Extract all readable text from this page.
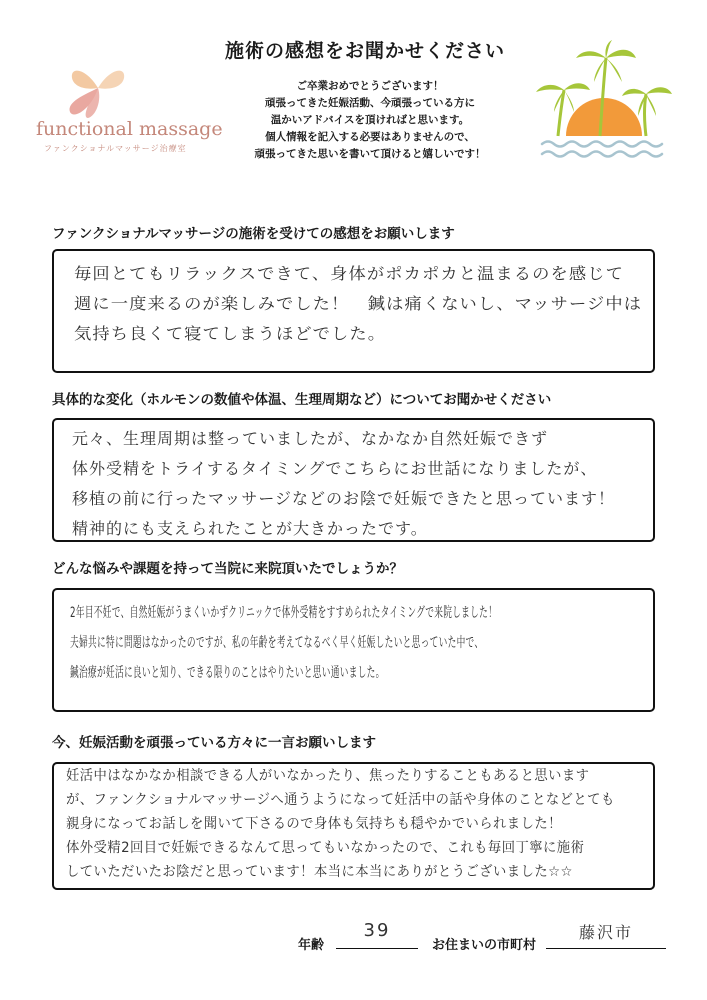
施術の感想をお聞かせください
ご卒業おめでとうございます！
頑張ってきた妊娠活動、今頑張っている方に
温かいアドバイスを頂ければと思います。
個人情報を記入する必要はありませんので、
頑張ってきた思いを書いて頂けると嬉しいです！
functional massage
ファンクショナルマッサージ治療室
ファンクショナルマッサージの施術を受けての感想をお願いします
毎回とてもリラックスできて、身体がポカポカと温まるのを感じて
週に一度来るのが楽しみでした！　鍼は痛くないし、マッサージ中は
気持ち良くて寝てしまうほどでした。
具体的な変化（ホルモンの数値や体温、生理周期など）についてお聞かせください
元々、生理周期は整っていましたが、なかなか自然妊娠できず
体外受精をトライするタイミングでこちらにお世話になりましたが、
移植の前に行ったマッサージなどのお陰で妊娠できたと思っています！
精神的にも支えられたことが大きかったです。
どんな悩みや課題を持って当院に来院頂いたでしょうか？
2年目不妊で、自然妊娠がうまくいかずクリニックで体外受精をすすめられたタイミングで来院しました！
夫婦共に特に問題はなかったのですが、私の年齢を考えてなるべく早く妊娠したいと思っていた中で、
鍼治療が妊活に良いと知り、できる限りのことはやりたいと思い通いました。
今、妊娠活動を頑張っている方々に一言お願いします
妊活中はなかなか相談できる人がいなかったり、焦ったりすることもあると思います
が、ファンクショナルマッサージへ通うようになって妊活中の話や身体のことなどとても
親身になってお話しを聞いて下さるので身体も気持ちも穏やかでいられました！
体外受精2回目で妊娠できるなんて思ってもいなかったので、これも毎回丁寧に施術
していただいたお陰だと思っています！本当に本当にありがとうございました☆☆
年齢
39
お住まいの市町村
藤沢市
